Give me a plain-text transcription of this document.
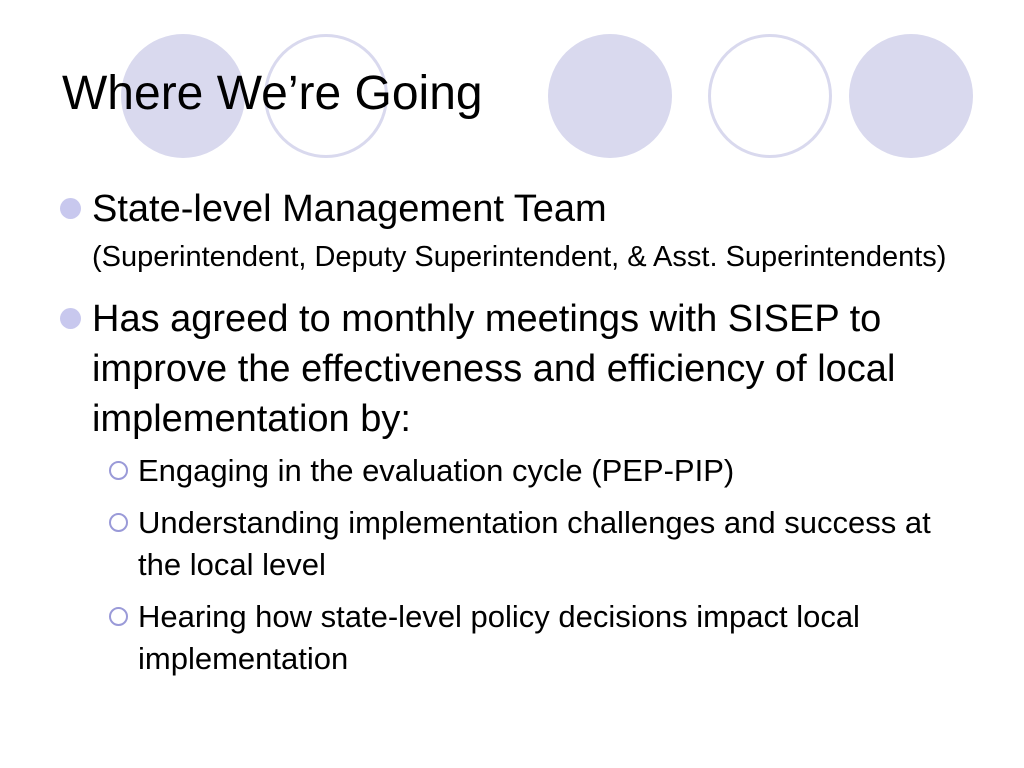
Where We’re Going
State-level Management Team
(Superintendent, Deputy Superintendent, & Asst. Superintendents)
Has agreed to monthly meetings with SISEP to improve the effectiveness and efficiency of local implementation by:
Engaging in the evaluation cycle (PEP-PIP)
Understanding implementation challenges and success at the local level
Hearing how state-level policy decisions impact local implementation
